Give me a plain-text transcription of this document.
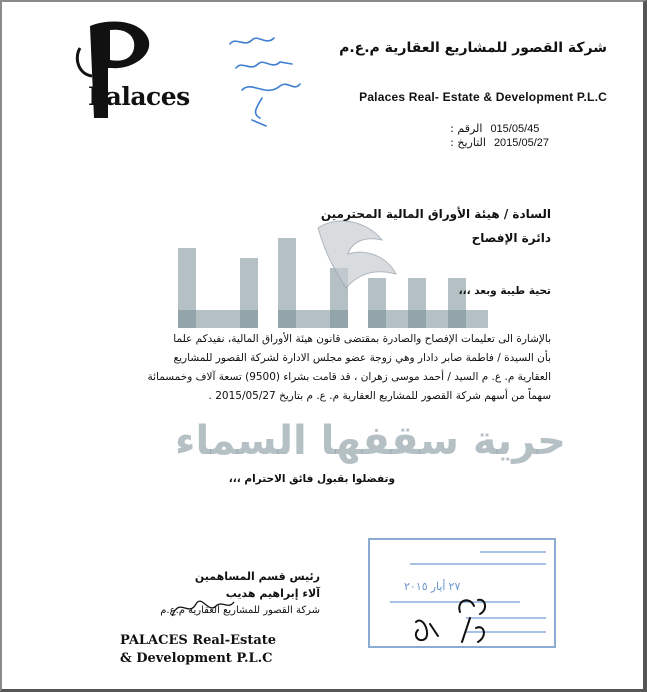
Palaces
شركة القصور للمشاريع العقارية م.ع.م
Palaces Real- Estate & Development P.L.C
الرقم : 015/05/45
التاريخ : 2015/05/27
السادة / هيئة الأوراق المالية المحترمين
دائرة الإفصاح
تحية طيبة وبعد ،،،
بالإشارة الى تعليمات الإفصاح والصادرة بمقتضى قانون هيئة الأوراق المالية، نفيدكم علما
بأن السيدة / فاطمة صابر دادار وهي زوجة عضو مجلس الادارة لشركة القصور للمشاريع
العقارية م. ع. م السيد / أحمد موسى زهران ، قد قامت بشراء (9500) تسعة آلاف وخمسمائة
سهماً من أسهم شركة القصور للمشاريع العقارية م. ع. م بتاريخ 2015/05/27 .
حرية سقفها السماء
وتفضلوا بقبول فائق الاحترام ،،،
٢٧ أيار ٢٠١٥
رئيس قسم المساهمين
آلاء إبراهيم هديب
شركة القصور للمشاريع العقارية م.ع.م
PALACES Real-Estate
& Development P.L.C
